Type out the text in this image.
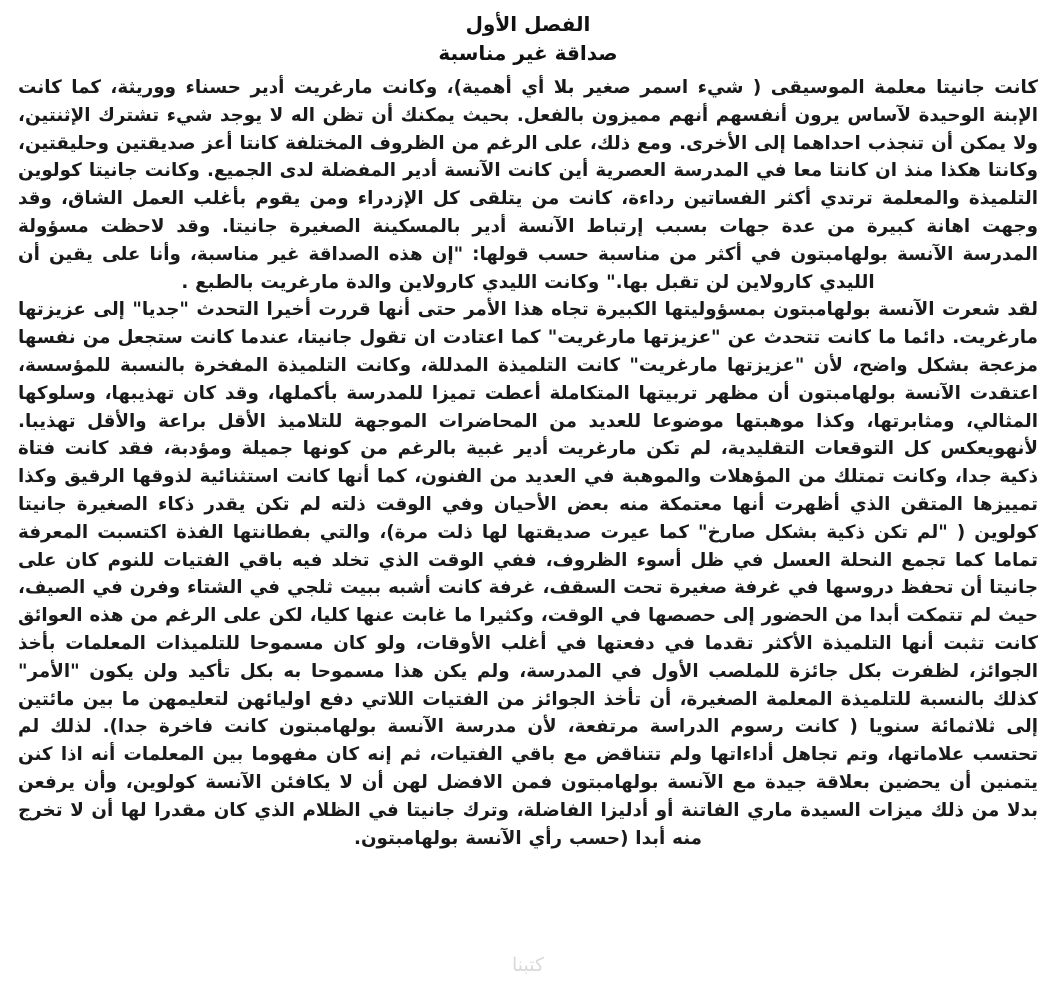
الفصل الأول
صداقة غير مناسبة

كانت جانيتا معلمة الموسيقى ( شيء اسمر صغير بلا أي أهمية)، وكانت مارغريت أدير حسناء ووريثة، كما كانت الإبنة الوحيدة لآساس يرون أنفسهم أنهم مميزون بالفعل. بحيث يمكنك أن تظن اله لا يوجد شيء تشترك الإثنتين، ولا يمكن أن تنجذب احداهما إلى الأخرى. ومع ذلك، على الرغم من الظروف المختلفة كانتا أعز صديقتين وحليقتين، وكانتا هكذا منذ ان كانتا معا في المدرسة العصرية أين كانت الآنسة أدير المفضلة لدى الجميع. وكانت جانيتا كولوين التلميذة والمعلمة ترتدي أكثر الفساتين رداءة، كانت من يتلقى كل الإزدراء ومن يقوم بأغلب العمل الشاق، وقد وجهت اهانة كبيرة من عدة جهات بسبب إرتباط الآنسة أدير بالمسكينة الصغيرة جانيتا. وقد لاحظت مسؤولة المدرسة الآنسة بولهامبتون في أكثر من مناسبة حسب قولها: "إن هذه الصداقة غير مناسبة، وأنا على يقين أن الليدي كارولاين لن تقبل بها." وكانت الليدي كارولاين والدة مارغريت بالطبع .

لقد شعرت الآنسة بولهامبتون بمسؤوليتها الكبيرة تجاه هذا الأمر حتى أنها قررت أخيرا التحدث "جديا" إلى عزيزتها مارغريت. دائما ما كانت تتحدث عن "عزيزتها مارغريت" كما اعتادت ان تقول جانيتا، عندما كانت ستجعل من نفسها مزعجة بشكل واضح، لأن "عزيزتها مارغريت" كانت التلميذة المدللة، وكانت التلميذة المفخرة بالنسبة للمؤسسة، اعتقدت الآنسة بولهامبتون أن مظهر تربيتها المتكاملة أعطت تميزا للمدرسة بأكملها، وقد كان تهذيبها، وسلوكها المثالي، ومثابرتها، وكذا موهبتها موضوعا للعديد من المحاضرات الموجهة للتلاميذ الأقل براعة والأقل تهذيبا. لأنهويعكس كل التوقعات التقليدية، لم تكن مارغريت أدير غبية بالرغم من كونها جميلة ومؤدبة، فقد كانت فتاة ذكية جدا، وكانت تمتلك من المؤهلات والموهبة في العديد من الفنون، كما أنها كانت استثنائية لذوقها الرقيق وكذا تمييزها المتقن الذي أظهرت أنها معتمكة منه بعض الأحيان وفي الوقت ذلته لم تكن يقدر ذكاء الصغيرة جانيتا كولوين ( "لم تكن ذكية بشكل صارخ" كما عيرت صديقتها لها ذلت مرة)، والتي بفطانتها الفذة اكتسبت المعرفة تماما كما تجمع النحلة العسل في ظل أسوء الظروف، ففي الوقت الذي تخلد فيه باقي الفتيات للنوم كان على جانيتا أن تحفظ دروسها في غرفة صغيرة تحت السقف، غرفة كانت أشبه ببيت ثلجي في الشتاء وفرن في الصيف، حيث لم تتمكت أبدا من الحضور إلى حصصها في الوقت، وكثيرا ما غابت عنها كليا، لكن على الرغم من هذه العوائق كانت تثبت أنها التلميذة الأكثر تقدما في دفعتها في أغلب الأوقات، ولو كان مسموحا للتلميذات المعلمات بأخذ الجوائز، لظفرت بكل جائزة للملصب الأول في المدرسة، ولم يكن هذا مسموحا به بكل تأكيد ولن يكون "الأمر" كذلك بالنسبة للتلميذة المعلمة الصغيرة، أن تأخذ الجوائز من الفتيات اللاتي دفع اوليائهن لتعليمهن ما بين مائتين إلى ثلاثمائة سنويا ( كانت رسوم الدراسة مرتفعة، لأن مدرسة الآنسة بولهامبتون كانت فاخرة جدا). لذلك لم تحتسب علاماتها، وتم تجاهل أداءاتها ولم تتناقض مع باقي الفتيات، ثم إنه كان مفهوما بين المعلمات أنه اذا كنن يتمنين أن يحضين بعلاقة جيدة مع الآنسة بولهامبتون فمن الافضل لهن أن لا يكافئن الآنسة كولوين، وأن يرفعن بدلا من ذلك ميزات السيدة ماري الفاتنة أو أدليزا الفاضلة، وترك جانيتا في الظلام الذي كان مقدرا لها أن لا تخرج منه أبدا (حسب رأي الآنسة بولهامبتون.

كتبنا
